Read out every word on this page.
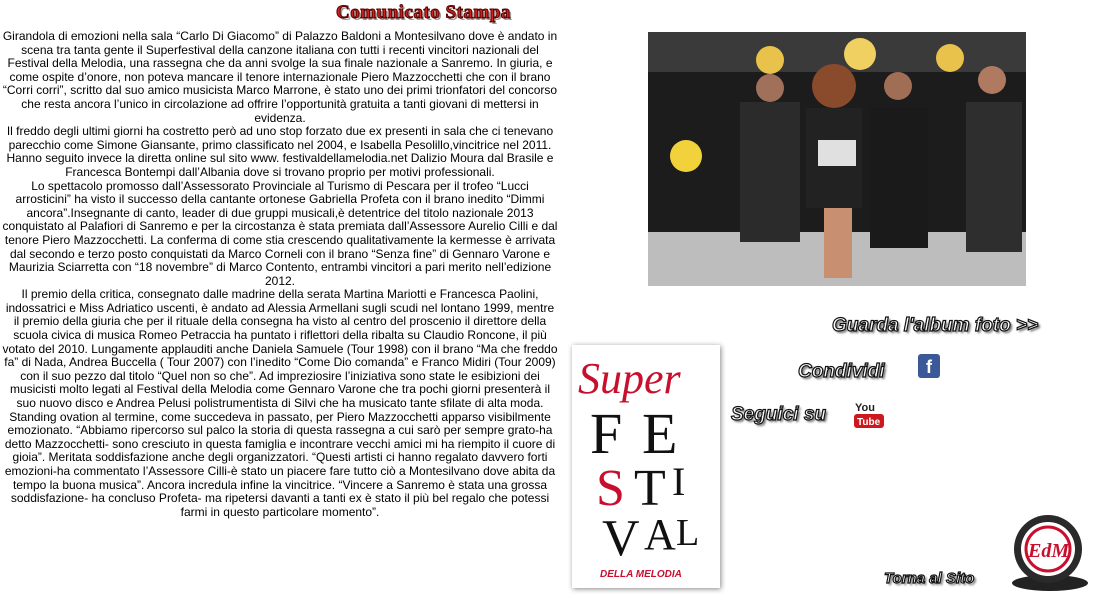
Comunicato Stampa

Girandola di emozioni nella sala “Carlo Di Giacomo” di Palazzo Baldoni a Montesilvano dove è andato in scena tra tanta gente il Superfestival della canzone italiana con tutti i recenti vincitori nazionali del Festival della Melodia, una rassegna che da anni svolge la sua finale nazionale a Sanremo. In giuria, e come ospite d’onore, non poteva mancare il tenore internazionale Piero Mazzocchetti che con il brano “Corri corri”, scritto dal suo amico musicista Marco Marrone, è stato uno dei primi trionfatori del concorso che resta ancora l’unico in circolazione ad offrire l’opportunità gratuita a tanti giovani di mettersi in evidenza.

Il freddo degli ultimi giorni ha costretto però ad uno stop forzato due ex presenti in sala che ci tenevano parecchio come Simone Giansante, primo classificato nel 2004, e Isabella Pesolillo,vincitrice nel 2011.

Hanno seguito invece la diretta online sul sito www. festivaldellamelodia.net Dalizio Moura dal Brasile e Francesca Bontempi dall’Albania dove si trovano proprio per motivi professionali.

Lo spettacolo promosso dall’Assessorato Provinciale al Turismo di Pescara per il trofeo “Lucci arrosticini” ha visto il successo della cantante ortonese Gabriella Profeta con il brano inedito “Dimmi ancora”.Insegnante di canto, leader di due gruppi musicali,è detentrice del titolo nazionale 2013 conquistato al Palafiori di Sanremo e per la circostanza è stata premiata dall’Assessore Aurelio Cilli e dal tenore Piero Mazzocchetti. La conferma di come stia crescendo qualitativamente la kermesse è arrivata dal secondo e terzo posto conquistati da Marco Corneli con il brano “Senza fine” di Gennaro Varone e Maurizia Sciarretta con “18 novembre” di Marco Contento, entrambi vincitori a pari merito nell’edizione 2012.

Il premio della critica, consegnato dalle madrine della serata Martina Mariotti e Francesca Paolini, indossatrici e Miss Adriatico uscenti, è andato ad Alessia Armellani sugli scudi nel lontano 1999, mentre il premio della giuria che per il rituale della consegna ha visto al centro del proscenio il direttore della scuola civica di musica Romeo Petraccia ha puntato i riflettori della ribalta su Claudio Roncone, il più votato del 2010. Lungamente applauditi anche Daniela Samuele (Tour 1998) con il brano “Ma che freddo fa” di Nada, Andrea Buccella ( Tour 2007) con l’inedito “Come Dio comanda” e Franco Midiri (Tour 2009) con il suo pezzo dal titolo “Quel non so che”. Ad impreziosire l’iniziativa sono state le esibizioni dei musicisti molto legati al Festival della Melodia come Gennaro Varone che tra pochi giorni presenterà il suo nuovo disco e Andrea Pelusi polistrumentista di Silvi che ha musicato tante sfilate di alta moda. Standing ovation al termine, come succedeva in passato, per Piero Mazzocchetti apparso visibilmente emozionato. “Abbiamo ripercorso sul palco la storia di questa rassegna a cui sarò per sempre grato-ha detto Mazzocchetti- sono cresciuto in questa famiglia e incontrare vecchi amici mi ha riempito il cuore di gioia”. Meritata soddisfazione anche degli organizzatori. “Questi artisti ci hanno regalato davvero forti emozioni-ha commentato l’Assessore Cilli-è stato un piacere fare tutto ciò a Montesilvano dove abita da tempo la buona musica”. Ancora incredula infine la vincitrice. “Vincere a Sanremo è stata una grossa soddisfazione- ha concluso Profeta- ma ripetersi davanti a tanti ex è stato il più bel regalo che potessi farmi in questo particolare momento”.

Guarda l'album foto >>
Condividi	f
Seguici su	You
Tube
Super
F E
S T I
V A L
DELLA MELODIA	Torna al Sito
EdM
